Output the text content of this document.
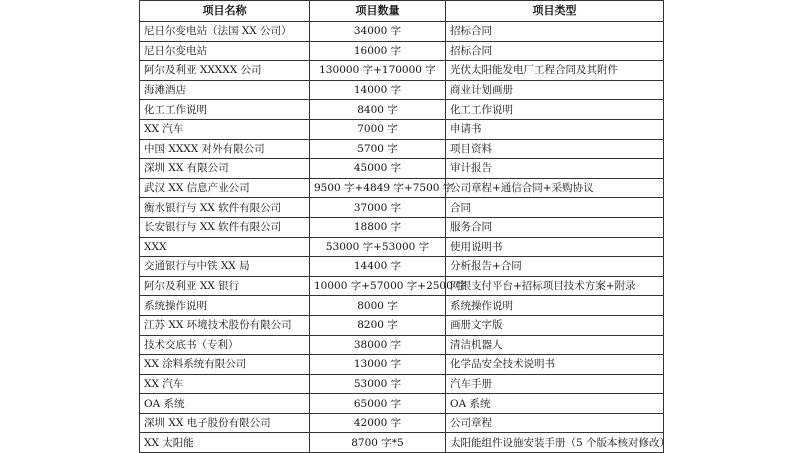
项目名称	项目数量	项目类型
尼日尔变电站（法国 XX 公司）	34000 字	招标合同
尼日尔变电站	16000 字	招标合同
阿尔及利亚 XXXXX 公司	130000 字+170000 字	光伏太阳能发电厂工程合同及其附件
海滩酒店	14000 字	商业计划画册
化工工作说明	8400 字	化工工作说明
XX 汽车	7000 字	申请书
中国 XXXX 对外有限公司	5700 字	项目资料
深圳 XX 有限公司	45000 字	审计报告
武汉 XX 信息产业公司	9500 字+4849 字+7500 字	公司章程+通信合同+采购协议
衡水银行与 XX 软件有限公司	37000 字	合同
长安银行与 XX 软件有限公司	18800 字	服务合同
XXX	53000 字+53000 字	使用说明书
交通银行与中铁 XX 局	14400 字	分析报告+合同
阿尔及利亚 XX 银行	10000 字+57000 字+2500 字	网银支付平台+招标项目技术方案+附录
系统操作说明	8000 字	系统操作说明
江苏 XX 环境技术股份有限公司	8200 字	画册文字版
技术交底书（专利）	38000 字	清洁机器人
XX 涂料系统有限公司	13000 字	化学品安全技术说明书
XX 汽车	53000 字	汽车手册
OA 系统	65000 字	OA 系统
深圳 XX 电子股份有限公司	42000 字	公司章程
XX 太阳能	8700 字*5	太阳能组件设施安装手册（5 个版本核对修改）
